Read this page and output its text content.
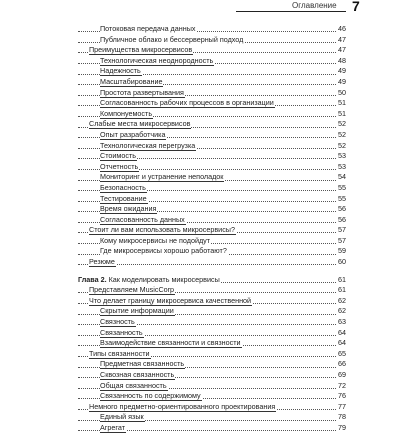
Оглавление 7
Потоковая передача данных	46
Публичное облако и бессерверный подход	47
Преимущества микросервисов	47
Технологическая неоднородность	48
Надежность	49
Масштабирование	49
Простота развертывания	50
Согласованность рабочих процессов в организации	51
Компонуемость	51
Слабые места микросервисов	52
Опыт разработчика	52
Технологическая перегрузка	52
Стоимость	53
Отчетность	53
Мониторинг и устранение неполадок	54
Безопасность	55
Тестирование	55
Время ожидания	56
Согласованность данных	56
Стоит ли вам использовать микросервисы?	57
Кому микросервисы не подойдут	57
Где микросервисы хорошо работают?	59
Резюме	60
Глава 2. Как моделировать микросервисы	61
Представляем MusicCorp	61
Что делает границу микросервиса качественной	62
Скрытие информации	62
Связность	63
Связанность	64
Взаимодействие связанности и связности	64
Типы связанности	65
Предметная связанность	66
Сквозная связанность	69
Общая связанность	72
Связанность по содержимому	76
Немного предметно-ориентированного проектирования	77
Единый язык	78
Агрегат	79
